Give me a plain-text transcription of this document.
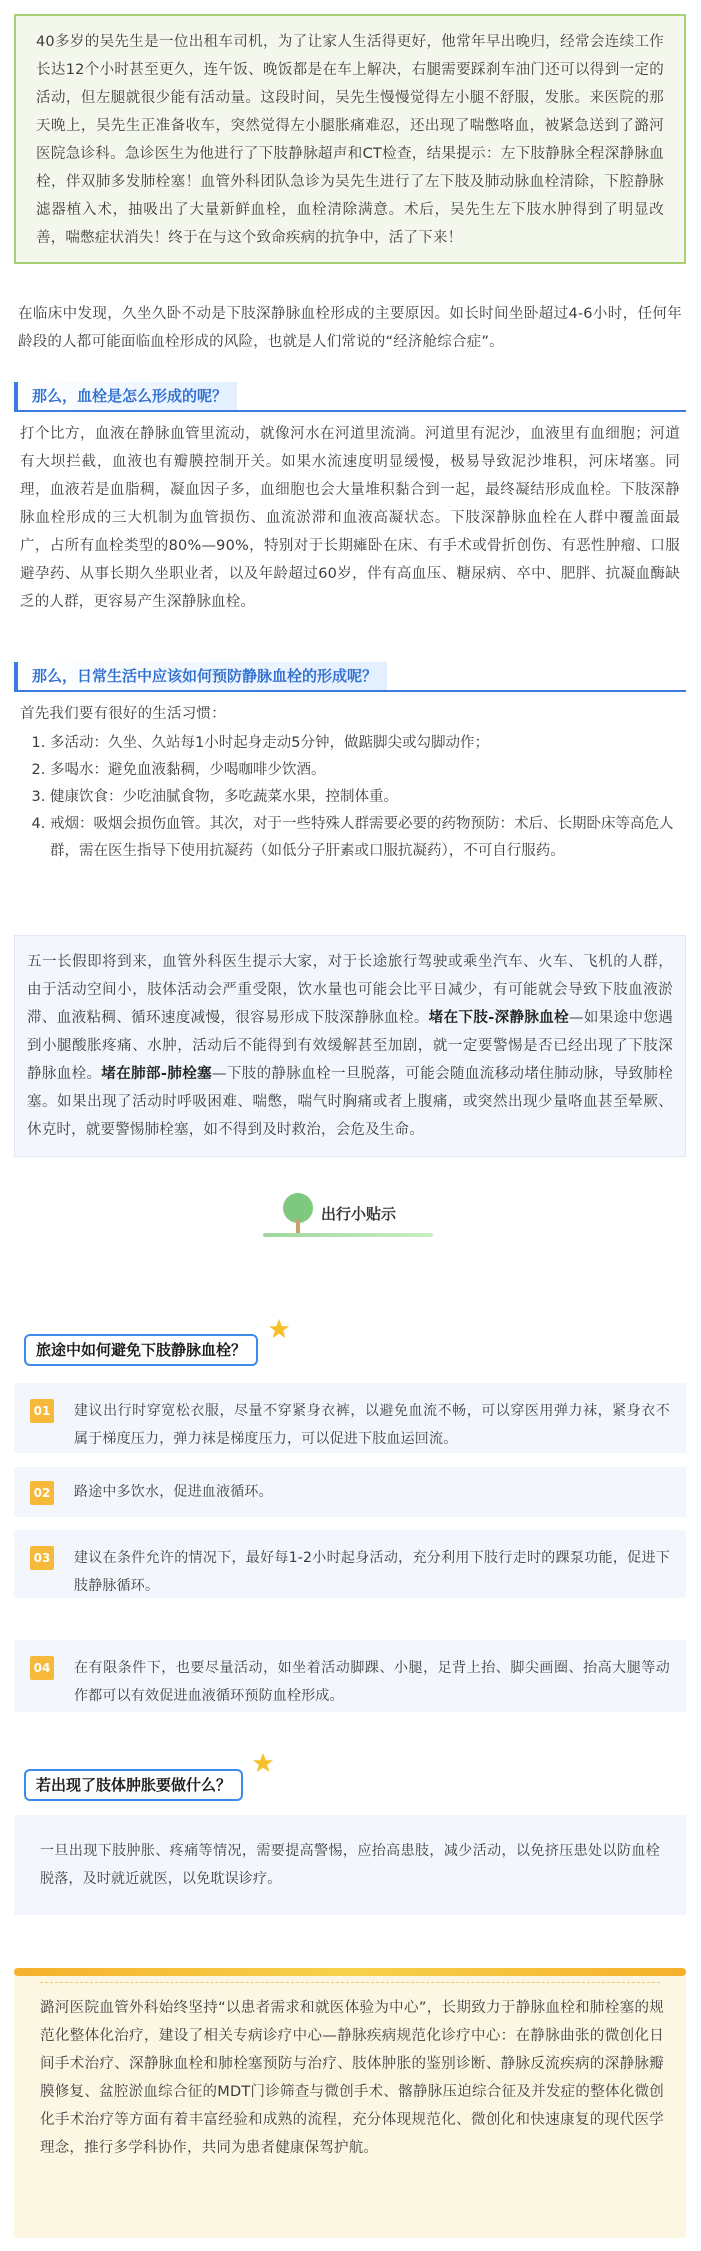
40多岁的吴先生是一位出租车司机，为了让家人生活得更好，他常年早出晚归，经常会连续工作长达12个小时甚至更久，连午饭、晚饭都是在车上解决，右腿需要踩刹车油门还可以得到一定的活动，但左腿就很少能有活动量。这段时间，吴先生慢慢觉得左小腿不舒服，发胀。来医院的那天晚上，吴先生正准备收车，突然觉得左小腿胀痛难忍，还出现了喘憋咯血，被紧急送到了潞河医院急诊科。急诊医生为他进行了下肢静脉超声和CT检查，结果提示：左下肢静脉全程深静脉血栓，伴双肺多发肺栓塞！血管外科团队急诊为吴先生进行了左下肢及肺动脉血栓清除，下腔静脉滤器植入术，抽吸出了大量新鲜血栓，血栓清除满意。术后，吴先生左下肢水肿得到了明显改善，喘憋症状消失！终于在与这个致命疾病的抗争中，活了下来！

在临床中发现，久坐久卧不动是下肢深静脉血栓形成的主要原因。如长时间坐卧超过4-6小时，任何年龄段的人都可能面临血栓形成的风险，也就是人们常说的“经济舱综合症”。

那么，血栓是怎么形成的呢？

打个比方，血液在静脉血管里流动，就像河水在河道里流淌。河道里有泥沙，血液里有血细胞；河道有大坝拦截，血液也有瓣膜控制开关。如果水流速度明显缓慢，极易导致泥沙堆积，河床堵塞。同理，血液若是血脂稠，凝血因子多，血细胞也会大量堆积黏合到一起，最终凝结形成血栓。下肢深静脉血栓形成的三大机制为血管损伤、血流淤滞和血液高凝状态。下肢深静脉血栓在人群中覆盖面最广，占所有血栓类型的80%—90%，特别对于长期瘫卧在床、有手术或骨折创伤、有恶性肿瘤、口服避孕药、从事长期久坐职业者，以及年龄超过60岁，伴有高血压、糖尿病、卒中、肥胖、抗凝血酶缺乏的人群，更容易产生深静脉血栓。

那么，日常生活中应该如何预防静脉血栓的形成呢？

首先我们要有很好的生活习惯：

1. 多活动：久坐、久站每1小时起身走动5分钟，做踮脚尖或勾脚动作；
2. 多喝水：避免血液黏稠，少喝咖啡少饮酒。
3. 健康饮食：少吃油腻食物，多吃蔬菜水果，控制体重。
4. 戒烟：吸烟会损伤血管。其次，对于一些特殊人群需要必要的药物预防：术后、长期卧床等高危人群，需在医生指导下使用抗凝药（如低分子肝素或口服抗凝药），不可自行服药。

五一长假即将到来，血管外科医生提示大家，对于长途旅行驾驶或乘坐汽车、火车、飞机的人群，由于活动空间小，肢体活动会严重受限，饮水量也可能会比平日减少，有可能就会导致下肢血液淤滞、血液粘稠、循环速度减慢，很容易形成下肢深静脉血栓。堵在下肢-深静脉血栓—如果途中您遇到小腿酸胀疼痛、水肿，活动后不能得到有效缓解甚至加剧，就一定要警惕是否已经出现了下肢深静脉血栓。堵在肺部-肺栓塞—下肢的静脉血栓一旦脱落，可能会随血流移动堵住肺动脉，导致肺栓塞。如果出现了活动时呼吸困难、喘憋，喘气时胸痛或者上腹痛，或突然出现少量咯血甚至晕厥、休克时，就要警惕肺栓塞，如不得到及时救治，会危及生命。

出行小贴示
旅途中如何避免下肢静脉血栓？
01 建议出行时穿宽松衣服，尽量不穿紧身衣裤，以避免血流不畅，可以穿医用弹力袜，紧身衣不属于梯度压力，弹力袜是梯度压力，可以促进下肢血运回流。

02 路途中多饮水，促进血液循环。

03 建议在条件允许的情况下，最好每1-2小时起身活动，充分利用下肢行走时的踝泵功能，促进下肢静脉循环。

04 在有限条件下，也要尽量活动，如坐着活动脚踝、小腿，足背上抬、脚尖画圈、抬高大腿等动作都可以有效促进血液循环预防血栓形成。

若出现了肢体肿胀要做什么？

一旦出现下肢肿胀、疼痛等情况，需要提高警惕，应抬高患肢，减少活动，以免挤压患处以防血栓脱落，及时就近就医，以免耽误诊疗。

潞河医院血管外科始终坚持“以患者需求和就医体验为中心”，长期致力于静脉血栓和肺栓塞的规范化整体化治疗，建设了相关专病诊疗中心—静脉疾病规范化诊疗中心：在静脉曲张的微创化日间手术治疗、深静脉血栓和肺栓塞预防与治疗、肢体肿胀的鉴别诊断、静脉反流疾病的深静脉瓣膜修复、盆腔淤血综合征的MDT门诊筛查与微创手术、髂静脉压迫综合征及并发症的整体化微创化手术治疗等方面有着丰富经验和成熟的流程，充分体现规范化、微创化和快速康复的现代医学理念，推行多学科协作，共同为患者健康保驾护航。
